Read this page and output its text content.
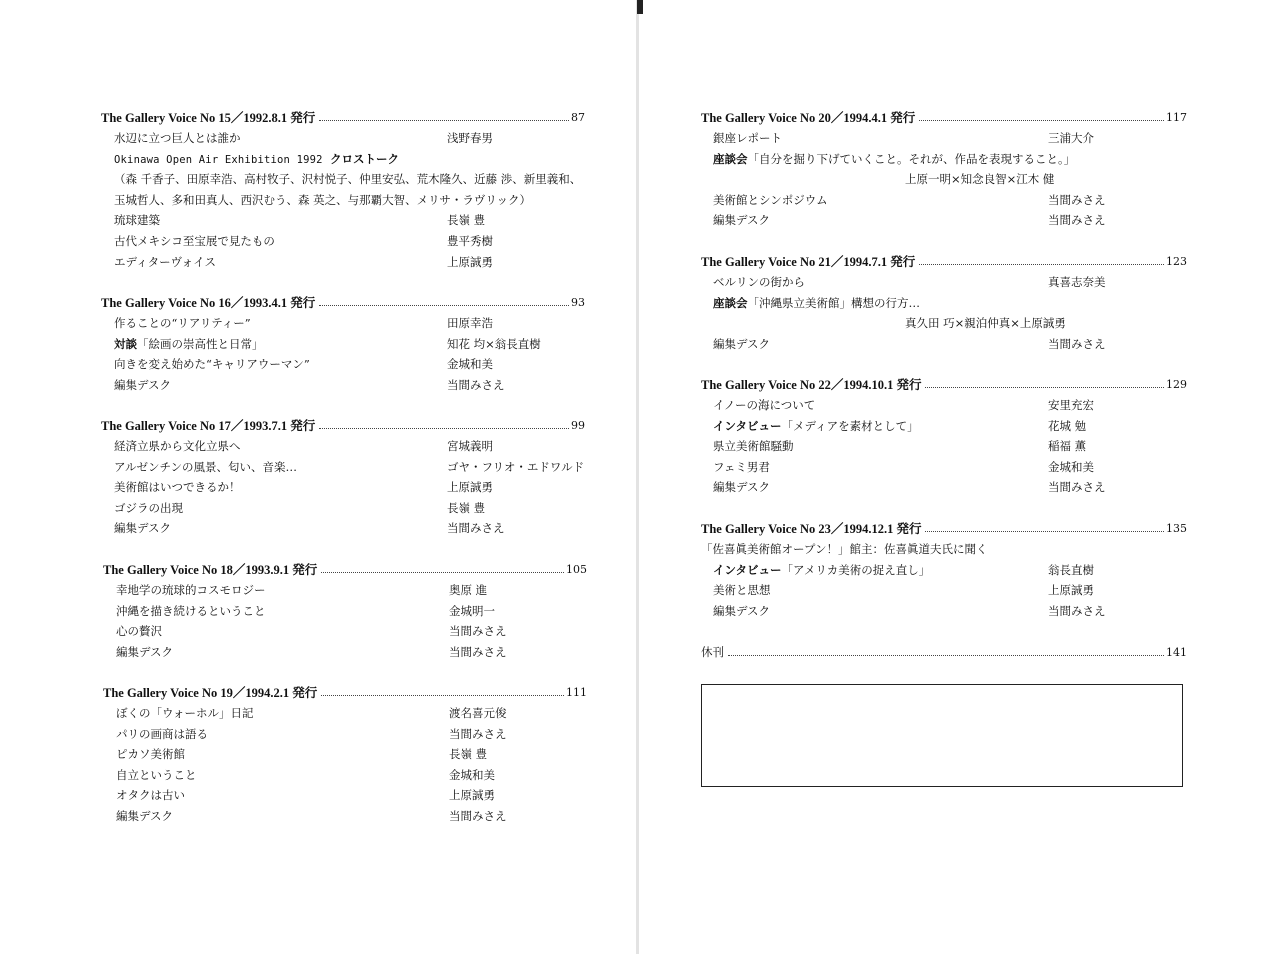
The Gallery Voice No 15／1992.8.1 発行	87
水辺に立つ巨人とは誰か	浅野春男
Okinawa Open Air Exhibition 1992 クロストーク
（森 千香子、田原幸浩、高村牧子、沢村悦子、仲里安弘、荒木隆久、近藤 渉、新里義和、
玉城哲人、多和田真人、西沢むう、森 英之、与那覇大智、メリサ・ラヴリック）
琉球建築	長嶺 豊
古代メキシコ至宝展で見たもの	豊平秀樹
エディターヴォイス	上原誠勇
The Gallery Voice No 16／1993.4.1 発行	93
作ることの“リアリティー”	田原幸浩
対談「絵画の崇高性と日常」	知花 均×翁長直樹
向きを変え始めた“キャリアウーマン”	金城和美
編集デスク	当間みさえ
The Gallery Voice No 17／1993.7.1 発行	99
経済立県から文化立県へ	宮城義明
アルゼンチンの風景、匂い、音楽…	ゴヤ・フリオ・エドワルド
美術館はいつできるか！	上原誠勇
ゴジラの出現	長嶺 豊
編集デスク	当間みさえ
The Gallery Voice No 18／1993.9.1 発行	105
幸地学の琉球的コスモロジー	奥原 進
沖縄を描き続けるということ	金城明一
心の贅沢	当間みさえ
編集デスク	当間みさえ
The Gallery Voice No 19／1994.2.1 発行	111
ぼくの「ウォーホル」日記	渡名喜元俊
パリの画商は語る	当間みさえ
ピカソ美術館	長嶺 豊
自立ということ	金城和美
オタクは古い	上原誠勇
編集デスク	当間みさえ
The Gallery Voice No 20／1994.4.1 発行	117
銀座レポート	三浦大介
座談会「自分を掘り下げていくこと。それが、作品を表現すること。」
上原一明×知念良智×江木 健
美術館とシンポジウム	当間みさえ
編集デスク	当間みさえ
The Gallery Voice No 21／1994.7.1 発行	123
ベルリンの街から	真喜志奈美
座談会「沖縄県立美術館」構想の行方…
真久田 巧×親泊仲真×上原誠勇
編集デスク	当間みさえ
The Gallery Voice No 22／1994.10.1 発行	129
イノーの海について	安里充宏
インタビュー「メディアを素材として」	花城 勉
県立美術館騒動	稲福 薫
フェミ男君	金城和美
編集デスク	当間みさえ
The Gallery Voice No 23／1994.12.1 発行	135
「佐喜眞美術館オープン！」館主：佐喜眞道夫氏に聞く
インタビュー「アメリカ美術の捉え直し」	翁長直樹
美術と思想	上原誠勇
編集デスク	当間みさえ
休刊	141
